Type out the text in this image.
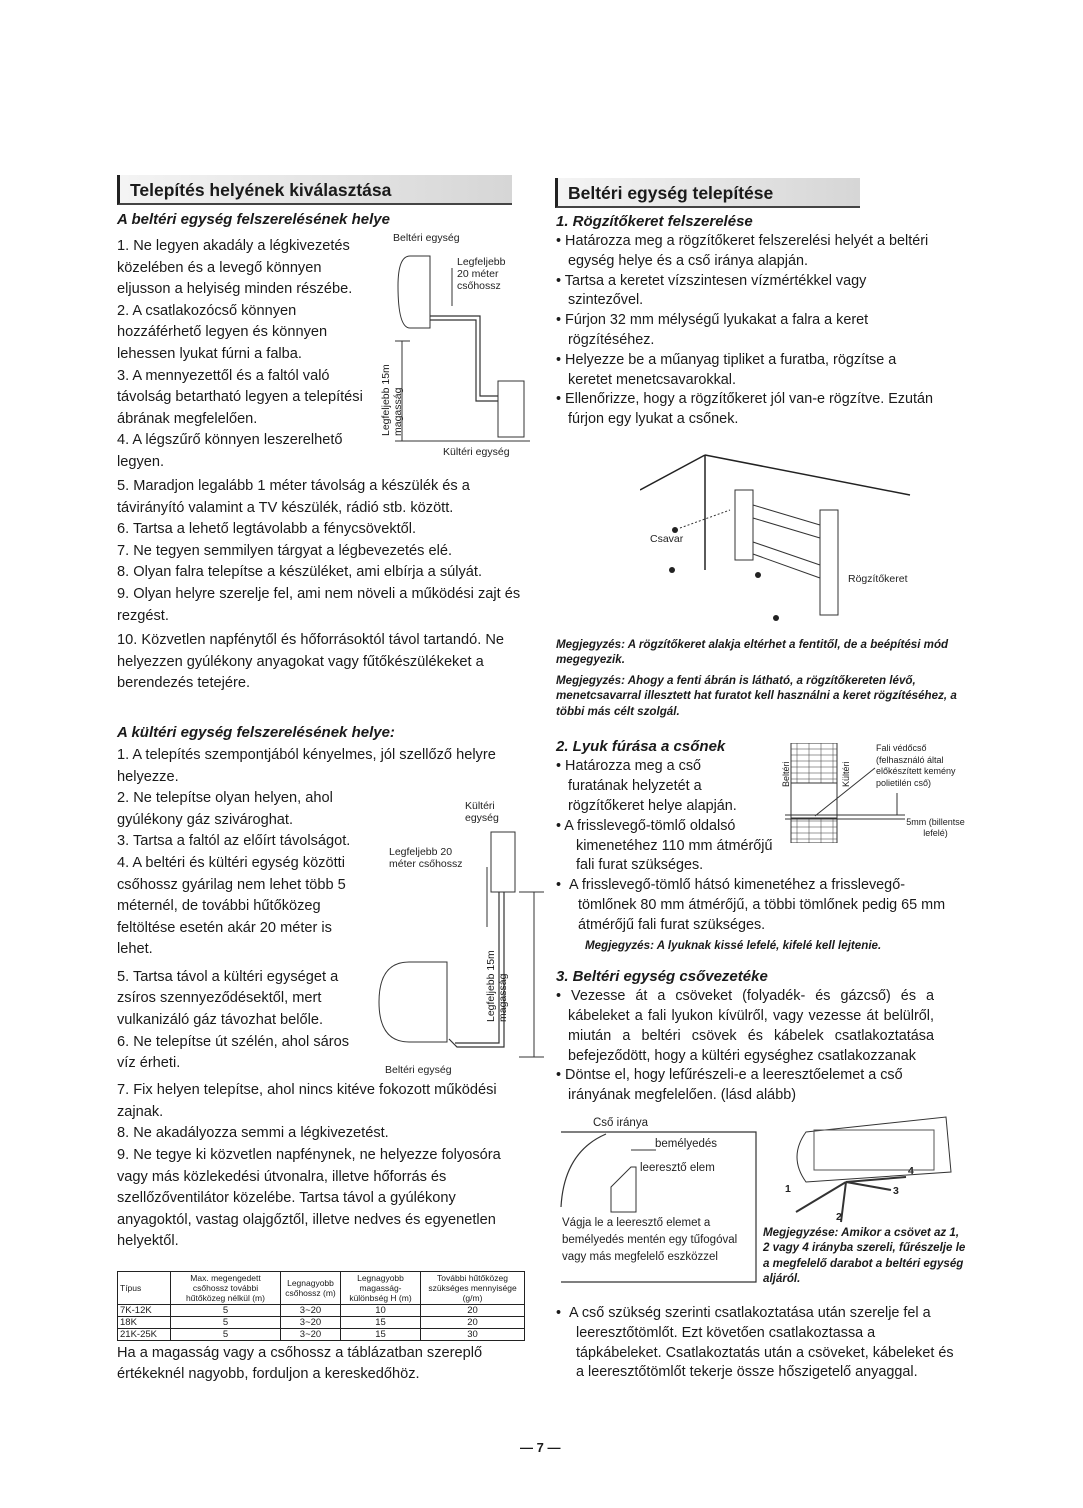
Telepítés helyének kiválasztása
A beltéri egység felszerelésének helye
1. Ne legyen akadály a légkivezetés közelében és a levegő könnyen eljusson a helyiség minden részébe.
2. A csatlakozócső könnyen hozzáférhető legyen és könnyen lehessen lyukat fúrni a falba.
3. A mennyezettől és a faltól való távolság betartható legyen a telepítési ábrának megfelelően.
4. A légszűrő könnyen leszerelhető legyen.
Beltéri egység
Legfeljebb 20 méter csőhossz
Legfeljebb 15m magasság
Kültéri egység
5. Maradjon legalább 1 méter távolság a készülék és a távirányító valamint a TV készülék, rádió stb. között.
6. Tartsa a lehető legtávolabb a fénycsövektől.
7. Ne tegyen semmilyen tárgyat a légbevezetés elé.
8. Olyan falra telepítse a készüléket, ami elbírja a súlyát.
9. Olyan helyre szerelje fel, ami nem növeli a működési zajt és rezgést.
10. Közvetlen napfénytől és hőforrásoktól távol tartandó. Ne helyezzen gyúlékony anyagokat vagy fűtőkészülékeket a berendezés tetejére.
A kültéri egység felszerelésének helye:
1. A telepítés szempontjából kényelmes, jól szellőző helyre helyezze.
2. Ne telepítse olyan helyen, ahol gyúlékony gáz szivároghat.
3. Tartsa a faltól az előírt távolságot.
4. A beltéri és kültéri egység közötti csőhossz gyárilag nem lehet több 5 méternél, de további hűtőközeg feltöltése esetén akár 20 méter is lehet.
5. Tartsa távol a kültéri egységet a zsíros szennyeződésektől, mert vulkanizáló gáz távozhat belőle.
6. Ne telepítse út szélén, ahol sáros víz érheti.
Kültéri egység
Legfeljebb 20 méter csőhossz
Legfeljebb 15m magasság
Beltéri egység
7. Fix helyen telepítse, ahol nincs kitéve fokozott működési zajnak.
8. Ne akadályozza semmi a légkivezetést.
9. Ne tegye ki közvetlen napfénynek, ne helyezze folyosóra vagy más közlekedési útvonalra, illetve hőforrás és szellőzőventilátor közelébe. Tartsa távol a gyúlékony anyagoktól, vastag olajgőztől, illetve nedves és egyenetlen helyektől.
Típus	Max. megengedett csőhossz további hűtőközeg nélkül (m)	Legnagyobb csőhossz (m)	Legnagyobb magasság-különbség H (m)	További hűtőközeg szükséges mennyisége (g/m)
7K-12K	5	3~20	10	20
18K	5	3~20	15	20
21K-25K	5	3~20	15	30
Ha a magasság vagy a csőhossz a táblázatban szereplő értékeknél nagyobb, forduljon a kereskedőhöz.
Beltéri egység telepítése
1. Rögzítőkeret felszerelése
• Határozza meg a rögzítőkeret felszerelési helyét a beltéri egység helye és a cső iránya alapján.
• Tartsa a keretet vízszintesen vízmértékkel vagy szintezővel.
• Fúrjon 32 mm mélységű lyukakat a falra a keret rögzítéséhez.
• Helyezze be a műanyag tipliket a furatba, rögzítse a keretet menetcsavarokkal.
• Ellenőrizze, hogy a rögzítőkeret jól van-e rögzítve. Ezután fúrjon egy lyukat a csőnek.
Csavar
Rögzítőkeret
Megjegyzés: A rögzítőkeret alakja eltérhet a fentitől, de a beépítési mód megegyezik.
Megjegyzés: Ahogy a fenti ábrán is látható, a rögzítőkereten lévő, menetcsavarral illesztett hat furatot kell használni a keret rögzítéséhez, a többi más célt szolgál.
2. Lyuk fúrása a csőnek
• Határozza meg a cső furatának helyzetét a rögzítőkeret helye alapján.
• A frisslevegő-tömlő oldalsó kimenetéhez 110 mm átmérőjű fali furat szükséges.
Beltéri	Kültéri
Fali védőcső (felhasználó által előkészített kemény polietilén cső)
5mm (billentse lefelé)
•  A frisslevegő-tömlő hátsó kimenetéhez a frisslevegő-tömlőnek 80 mm átmérőjű, a többi tömlőnek pedig 65 mm átmérőjű fali furat szükséges.
Megjegyzés: A lyuknak kissé lefelé, kifelé kell lejtenie.
3. Beltéri egység csővezetéke
• Vezesse át a csöveket (folyadék- és gázcső) és a kábeleket a fali lyukon kívülről, vagy vezesse át belülről, miután a beltéri csövek és kábelek csatlakoztatása befejeződött, hogy a kültéri egységhez csatlakozzanak
• Döntse el, hogy lefűrészeli-e a leeresztőelemet a cső irányának megfelelően. (lásd alább)
Cső iránya
bemélyedés
leeresztő elem
Vágja le a leeresztő elemet a bemélyedés mentén egy tűfogóval vagy más megfelelő eszközzel
1
2
3
4
Megjegyzése: Amikor a csövet az 1, 2 vagy 4 irányba szereli, fűrészelje le a megfelelő darabot a beltéri egység aljáról.
•  A cső szükség szerinti csatlakoztatása után szerelje fel a leeresztőtömlőt. Ezt követően csatlakoztassa a tápkábeleket. Csatlakoztatás után a csöveket, kábeleket és a leeresztőtömlőt tekerje össze hőszigetelő anyaggal.
— 7 —
